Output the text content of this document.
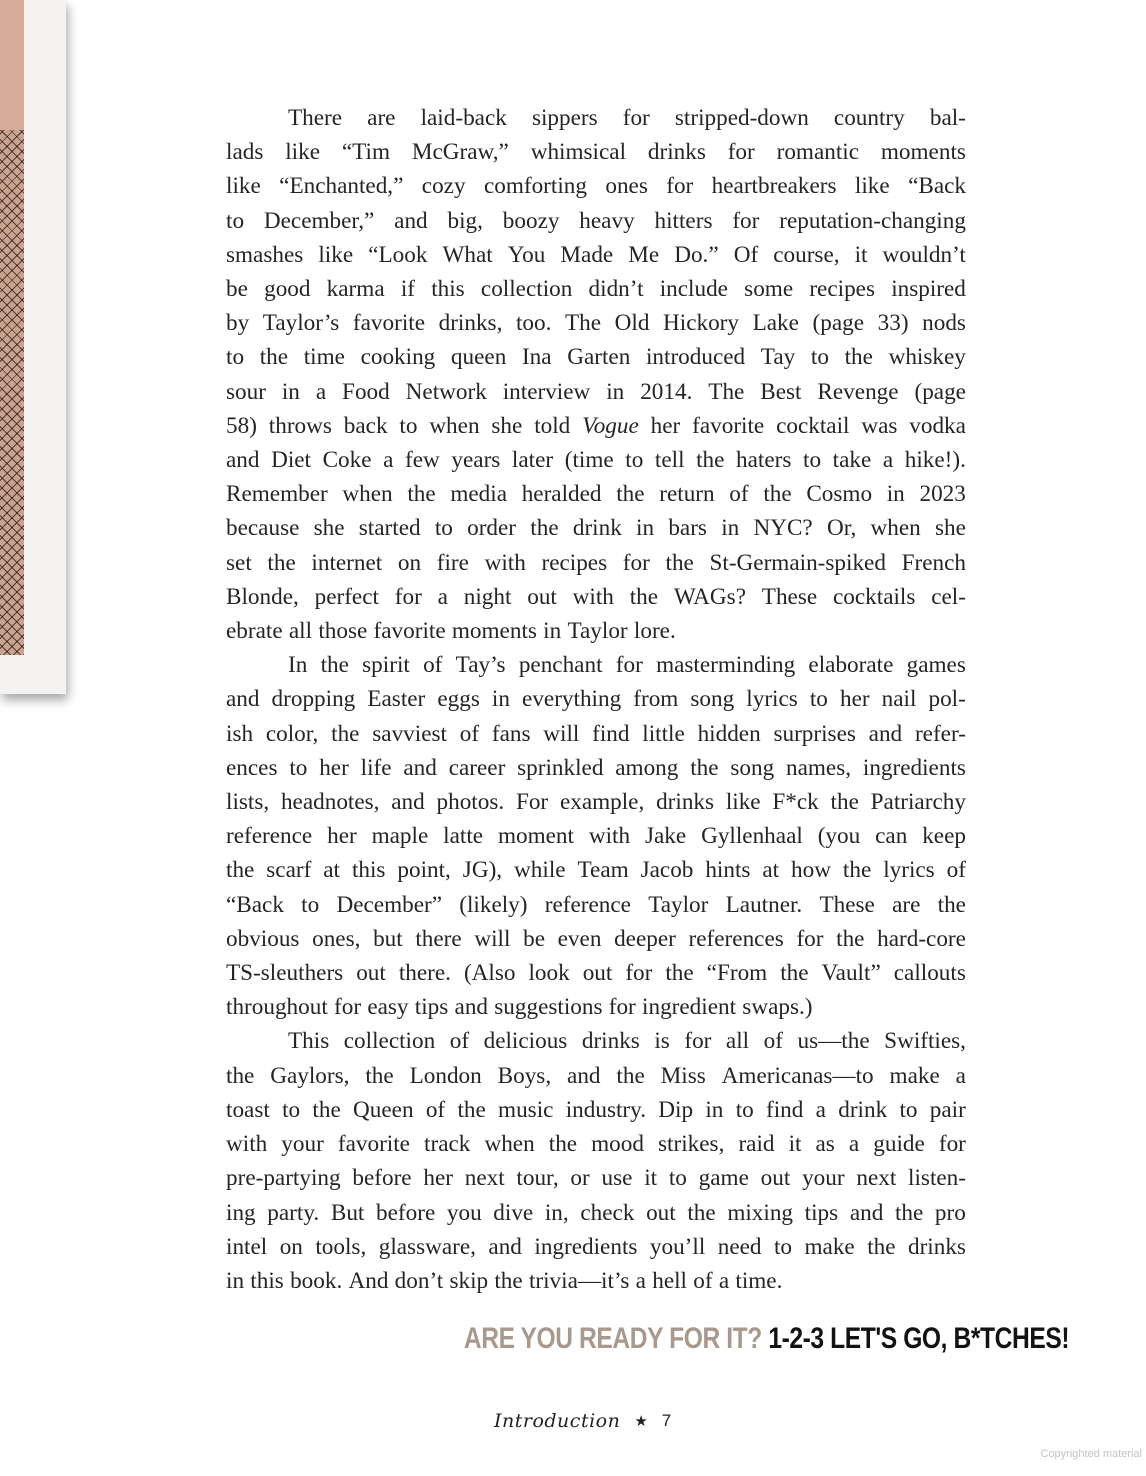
There are laid-back sippers for stripped-down country bal-
lads like “Tim McGraw,” whimsical drinks for romantic moments
like “Enchanted,” cozy comforting ones for heartbreakers like “Back
to December,” and big, boozy heavy hitters for reputation-changing
smashes like “Look What You Made Me Do.” Of course, it wouldn’t
be good karma if this collection didn’t include some recipes inspired
by Taylor’s favorite drinks, too. The Old Hickory Lake (page 33) nods
to the time cooking queen Ina Garten introduced Tay to the whiskey
sour in a Food Network interview in 2014. The Best Revenge (page
58) throws back to when she told Vogue her favorite cocktail was vodka
and Diet Coke a few years later (time to tell the haters to take a hike!).
Remember when the media heralded the return of the Cosmo in 2023
because she started to order the drink in bars in NYC? Or, when she
set the internet on fire with recipes for the St-Germain-spiked French
Blonde, perfect for a night out with the WAGs? These cocktails cel-
ebrate all those favorite moments in Taylor lore.
In the spirit of Tay’s penchant for masterminding elaborate games
and dropping Easter eggs in everything from song lyrics to her nail pol-
ish color, the savviest of fans will find little hidden surprises and refer-
ences to her life and career sprinkled among the song names, ingredients
lists, headnotes, and photos. For example, drinks like F*ck the Patriarchy
reference her maple latte moment with Jake Gyllenhaal (you can keep
the scarf at this point, JG), while Team Jacob hints at how the lyrics of
“Back to December” (likely) reference Taylor Lautner. These are the
obvious ones, but there will be even deeper references for the hard-core
TS-sleuthers out there. (Also look out for the “From the Vault” callouts
throughout for easy tips and suggestions for ingredient swaps.)
This collection of delicious drinks is for all of us—the Swifties,
the Gaylors, the London Boys, and the Miss Americanas—to make a
toast to the Queen of the music industry. Dip in to find a drink to pair
with your favorite track when the mood strikes, raid it as a guide for
pre-partying before her next tour, or use it to game out your next listen-
ing party. But before you dive in, check out the mixing tips and the pro
intel on tools, glassware, and ingredients you’ll need to make the drinks
in this book. And don’t skip the trivia—it’s a hell of a time.
ARE YOU READY FOR IT? 1-2-3 LET'S GO, B*TCHES!
Introduction ★ 7
Copyrighted material
